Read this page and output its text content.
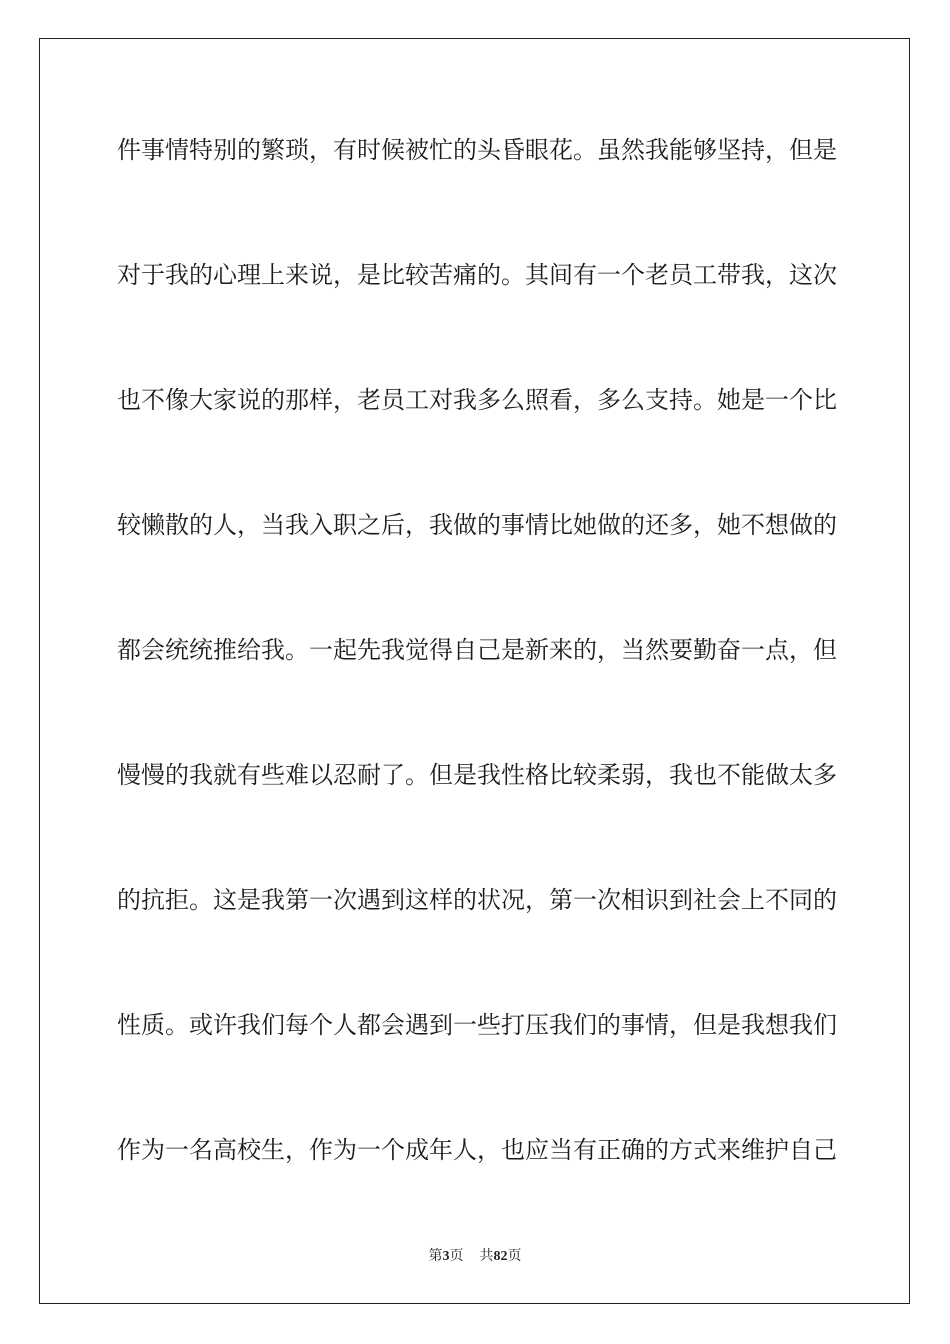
件事情特别的繁琐，有时候被忙的头昏眼花。虽然我能够坚持，但是
对于我的心理上来说，是比较苦痛的。其间有一个老员工带我，这次
也不像大家说的那样，老员工对我多么照看，多么支持。她是一个比
较懒散的人，当我入职之后，我做的事情比她做的还多，她不想做的
都会统统推给我。一起先我觉得自己是新来的，当然要勤奋一点，但
慢慢的我就有些难以忍耐了。但是我性格比较柔弱，我也不能做太多
的抗拒。这是我第一次遇到这样的状况，第一次相识到社会上不同的
性质。或许我们每个人都会遇到一些打压我们的事情，但是我想我们
作为一名高校生，作为一个成年人，也应当有正确的方式来维护自己
第3页 共82页
